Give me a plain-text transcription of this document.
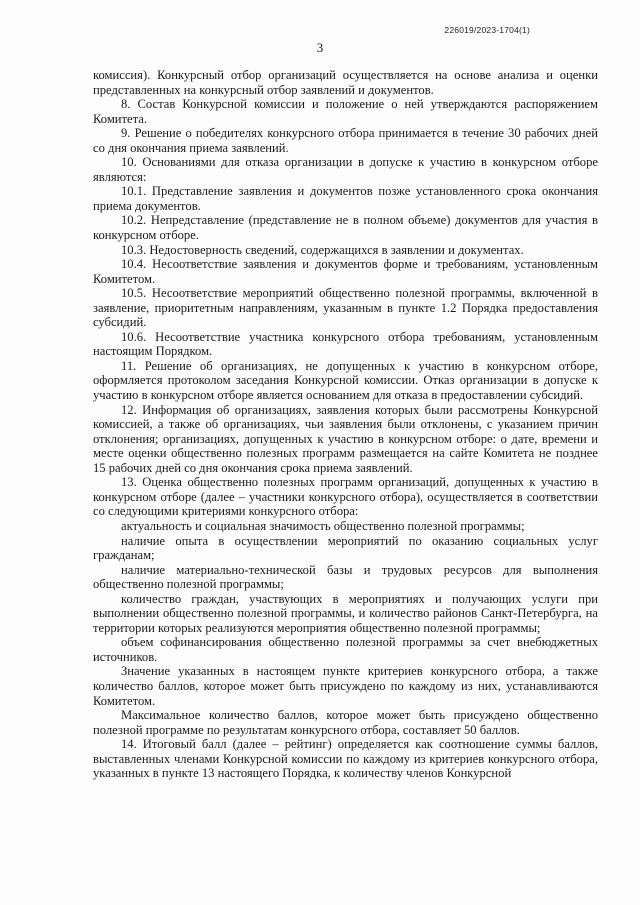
226019/2023-1704(1)
3

комиссия). Конкурсный отбор организаций осуществляется на основе анализа и оценки представленных на конкурсный отбор заявлений и документов.

8. Состав Конкурсной комиссии и положение о ней утверждаются распоряжением Комитета.

9. Решение о победителях конкурсного отбора принимается в течение 30 рабочих дней со дня окончания приема заявлений.

10. Основаниями для отказа организации в допуске к участию в конкурсном отборе являются:

10.1. Представление заявления и документов позже установленного срока окончания приема документов.

10.2. Непредставление (представление не в полном объеме) документов для участия в конкурсном отборе.

10.3. Недостоверность сведений, содержащихся в заявлении и документах.

10.4. Несоответствие заявления и документов форме и требованиям, установленным Комитетом.

10.5. Несоответствие мероприятий общественно полезной программы, включенной в заявление, приоритетным направлениям, указанным в пункте 1.2 Порядка предоставления субсидий.

10.6. Несоответствие участника конкурсного отбора требованиям, установленным настоящим Порядком.

11. Решение об организациях, не допущенных к участию в конкурсном отборе, оформляется протоколом заседания Конкурсной комиссии. Отказ организации в допуске к участию в конкурсном отборе является основанием для отказа в предоставлении субсидий.

12. Информация об организациях, заявления которых были рассмотрены Конкурсной комиссией, а также об организациях, чьи заявления были отклонены, с указанием причин отклонения; организациях, допущенных к участию в конкурсном отборе: о дате, времени и месте оценки общественно полезных программ размещается на сайте Комитета не позднее 15 рабочих дней со дня окончания срока приема заявлений.

13. Оценка общественно полезных программ организаций, допущенных к участию в конкурсном отборе (далее – участники конкурсного отбора), осуществляется в соответствии со следующими критериями конкурсного отбора:

актуальность и социальная значимость общественно полезной программы;

наличие опыта в осуществлении мероприятий по оказанию социальных услуг гражданам;

наличие материально-технической базы и трудовых ресурсов для выполнения общественно полезной программы;

количество граждан, участвующих в мероприятиях и получающих услуги при выполнении общественно полезной программы, и количество районов Санкт-Петербурга, на территории которых реализуются мероприятия общественно полезной программы;

объем софинансирования общественно полезной программы за счет внебюджетных источников.

Значение указанных в настоящем пункте критериев конкурсного отбора, а также количество баллов, которое может быть присуждено по каждому из них, устанавливаются Комитетом.

Максимальное количество баллов, которое может быть присуждено общественно полезной программе по результатам конкурсного отбора, составляет 50 баллов.

14. Итоговый балл (далее – рейтинг) определяется как соотношение суммы баллов, выставленных членами Конкурсной комиссии по каждому из критериев конкурсного отбора, указанных в пункте 13 настоящего Порядка, к количеству членов Конкурсной
